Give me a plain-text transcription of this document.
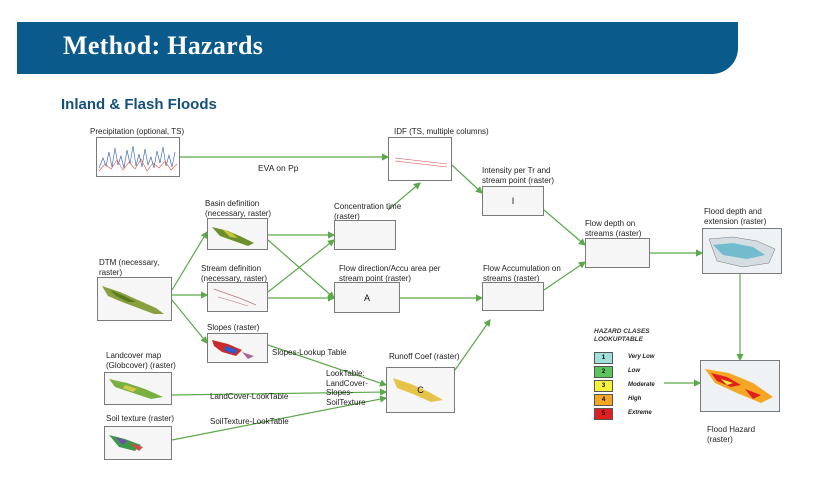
Method: Hazards
Inland & Flash Floods
Precipitation (optional, TS)	IDF (TS, multiple columns)
EVA on Pp	Intensity per Tr and stream point (raster)
I
Basin definition (necessary, raster)
Concentration time (raster)
DTM (necessary, raster)	Stream definition (necessary, raster)
Flow direction/Accu area per stream point (raster)
A
Flow Accumulation on streams (raster)
Flow depth on streams (raster)
Flood depth and extension (raster)
Slopes (raster)
Slopes-Lookup Table	Runoff Coef (raster)
C
LookTable: LandCover-Slopes-SoilTexture
Landcover map (Globcover) (raster)
LandCover-LookTable
Soil texture (raster)	SoilTexture-LookTable
HAZARD CLASES LOOKUPTABLE
1	Very Low
2	Low
3	Moderate
4	High
5	Extreme
Flood Hazard (raster)
